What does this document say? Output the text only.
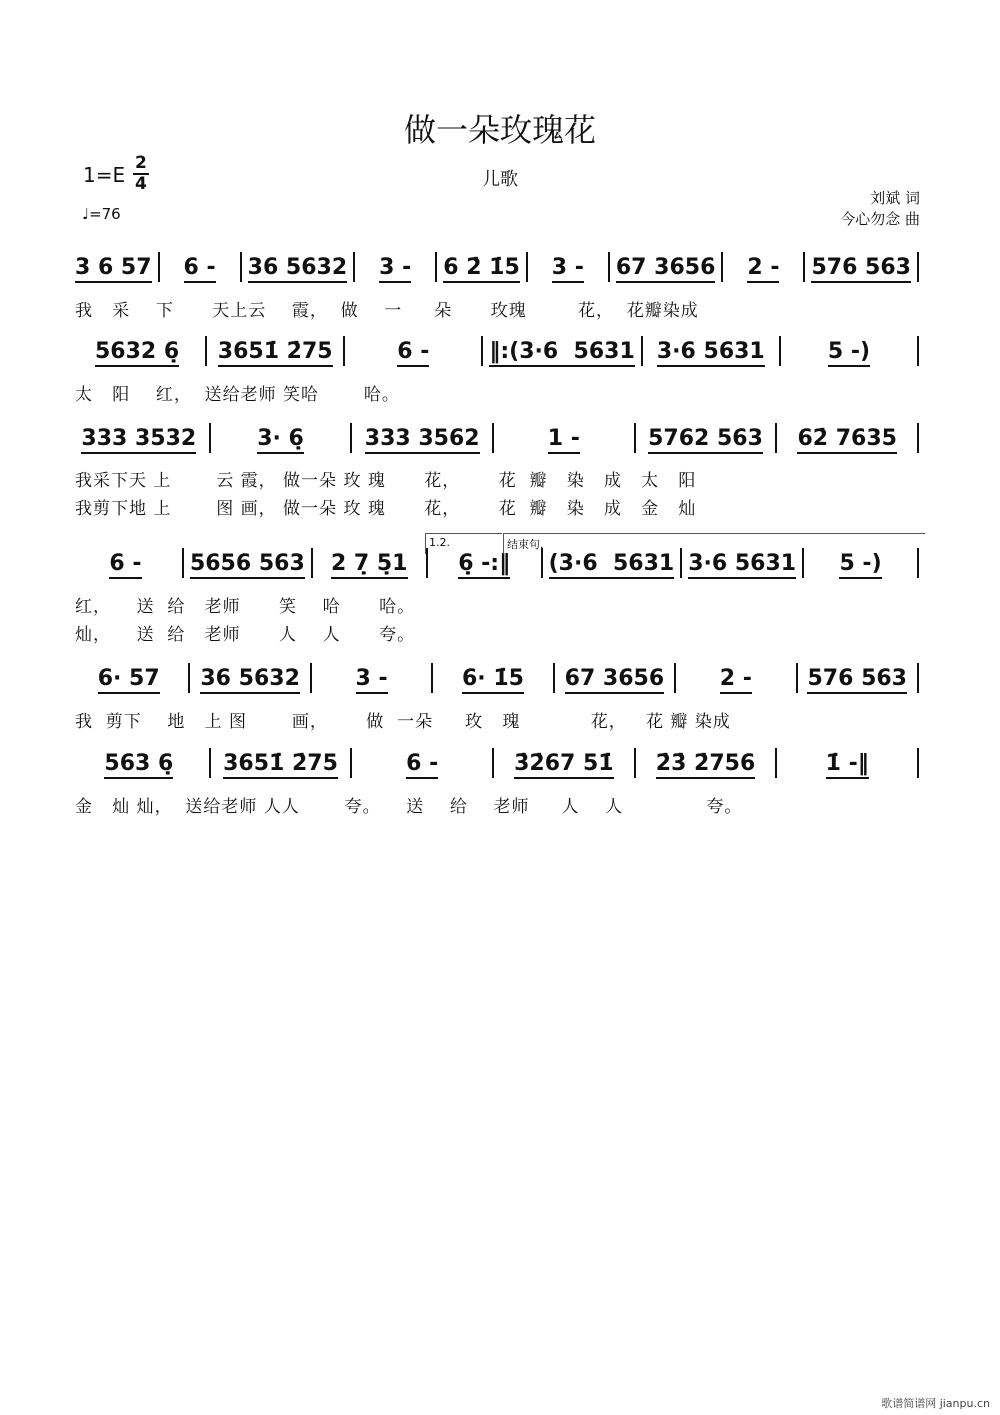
做一朵玫瑰花
1=E 2
4
♩=76
儿歌
刘斌 词
今心勿念 曲
3 6 57	6 -	36 5632	3 -	6 2̇ 1̇5	3 -	67 3656	2 -	576 563
我   采    下      天上云    霞，  做    一     朵      玫瑰        花，  花瓣染成
5632 6̣	3651̇ 2̇75	6 -	‖:(3·6  5631	3·6 5631	5 -)
太   阳    红，  送给老师 笑哈       哈。
333 3532	3· 6̣	333 3562	1 -	5762 563	62̇ 7635
我采下天 上       云 霞， 做一朵 玫 瑰      花，      花  瓣   染   成   太   阳
我剪下地 上       图 画， 做一朵 玫 瑰      花，      花  瓣   染   成   金   灿
6 -	5656 563	2 7̣ 5̣1	6̣ -:‖	(3·6  5631 3·6 5631	5 -)
红，    送  给   老师      笑    哈      哈。
灿，    送  给   老师      人    人      夸。
1.2.	结束句.
6· 57	36 5632	3 -	6· 1̇5	67 3656	2 -	576 563
我  剪下    地   上 图       画，      做  一朵     玫   瑰           花，   花 瓣 染成
563 6̣	3651̇ 2̇75	6 -	3̇2̇67 51̇	2̇3̇ 2̇756	1̇ -‖
金   灿 灿，  送给老师 人人       夸。    送    给    老师     人    人             夸。
歌谱简谱网 jianpu.cn
